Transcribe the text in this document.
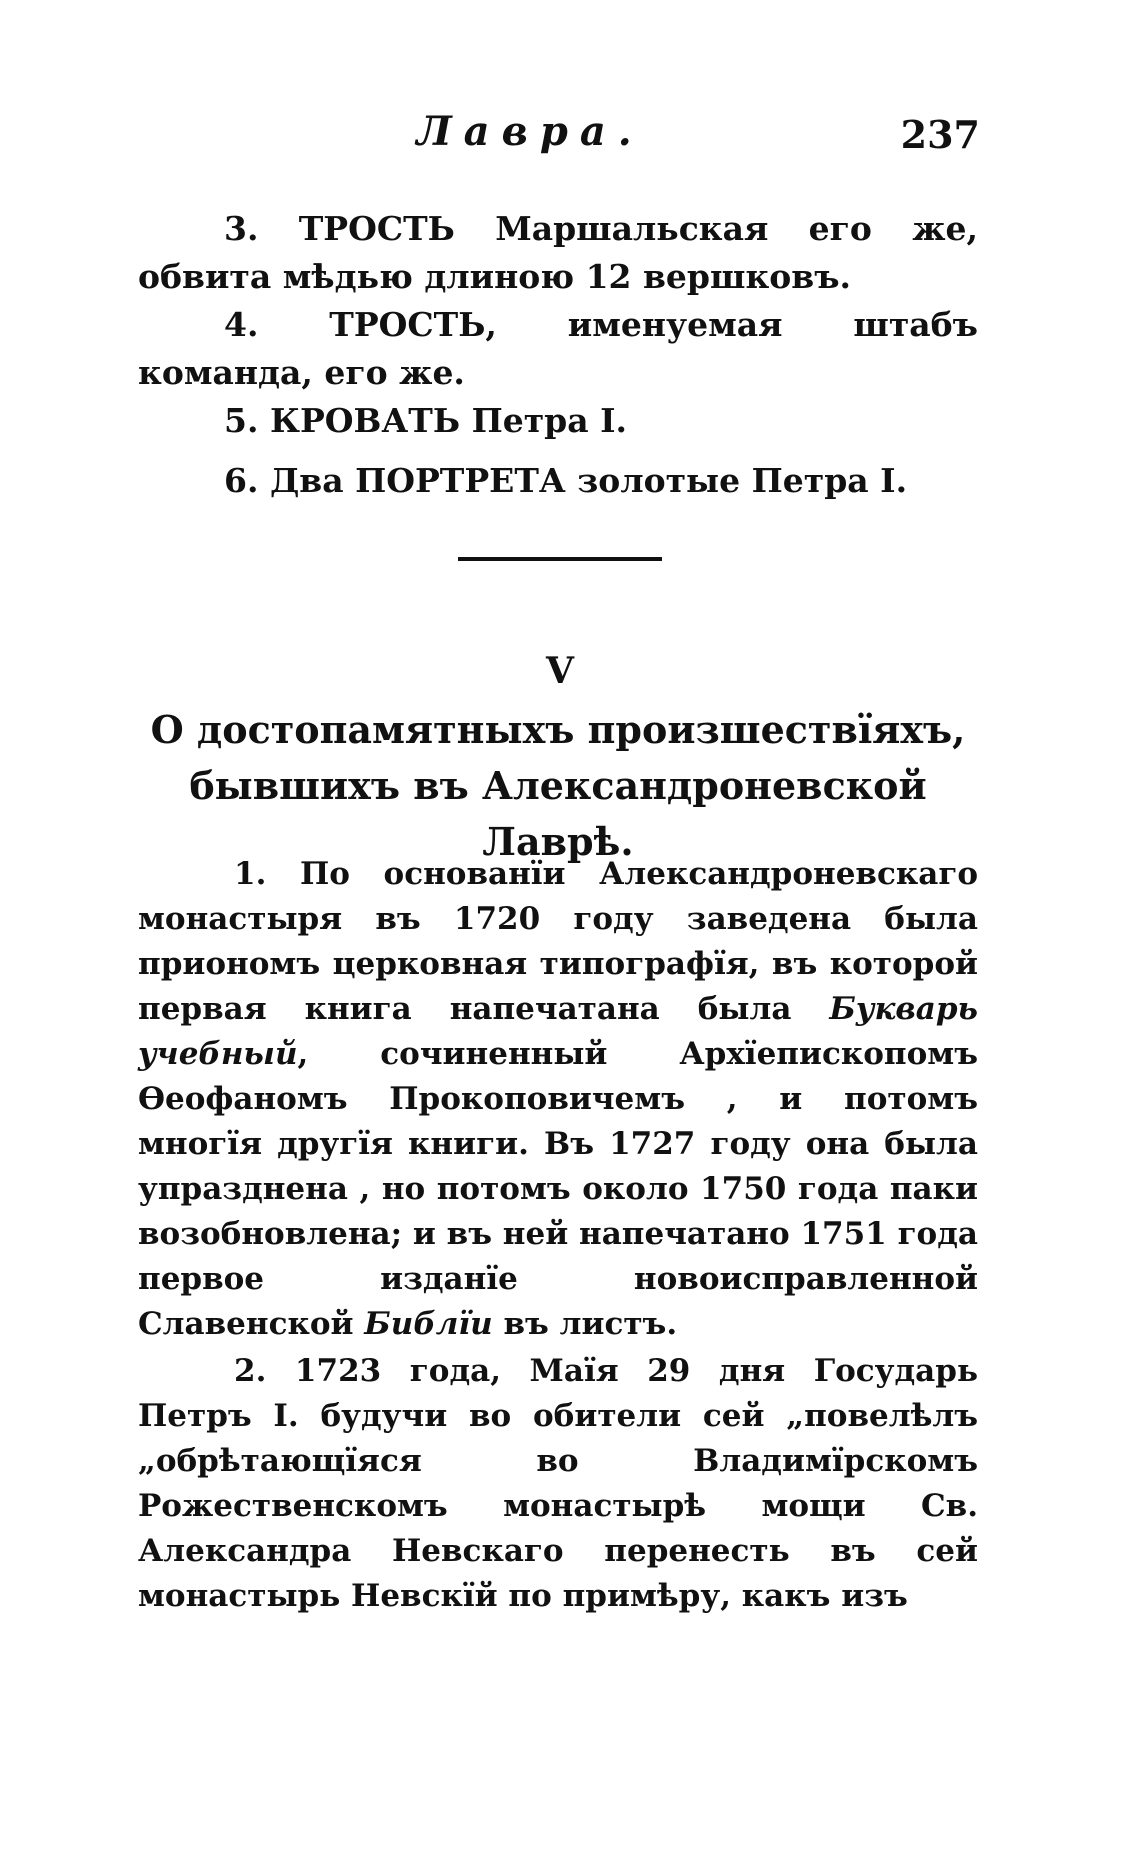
Лавра.	237

3. ТРОСТЬ Маршальская его же, обвита мѣдью длиною 12 вершковъ.

4. ТРОСТЬ, именуемая штабъ команда, его же.

5. КРОВАТЬ Петра I.

6. Два ПОРТРЕТА золотые Петра I.

V
О достопамятныхъ произшествїяхъ,
бывшихъ въ Александроневской Лаврѣ.

1. По основанїи Александроневскаго монастыря въ 1720 году заведена была приономъ церковная типографїя, въ которой первая книга напечатана была Букварь учебный, сочиненный Архїепископомъ Ѳеофаномъ Прокоповичемъ , и потомъ многїя другїя книги. Въ 1727 году она была упразднена , но потомъ около 1750 года паки возобновлена; и въ ней напечатано 1751 года первое изданїе новоисправленной Славенской Библїи въ листъ.

2. 1723 года, Маїя 29 дня Государь Петръ I. будучи во обители сей „повелѣлъ „обрѣтающїяся во Владимїрскомъ Рожественскомъ монастырѣ мощи Св. Александра Невскаго перенесть въ сей монастырь Невскїй по примѣру, какъ изъ
